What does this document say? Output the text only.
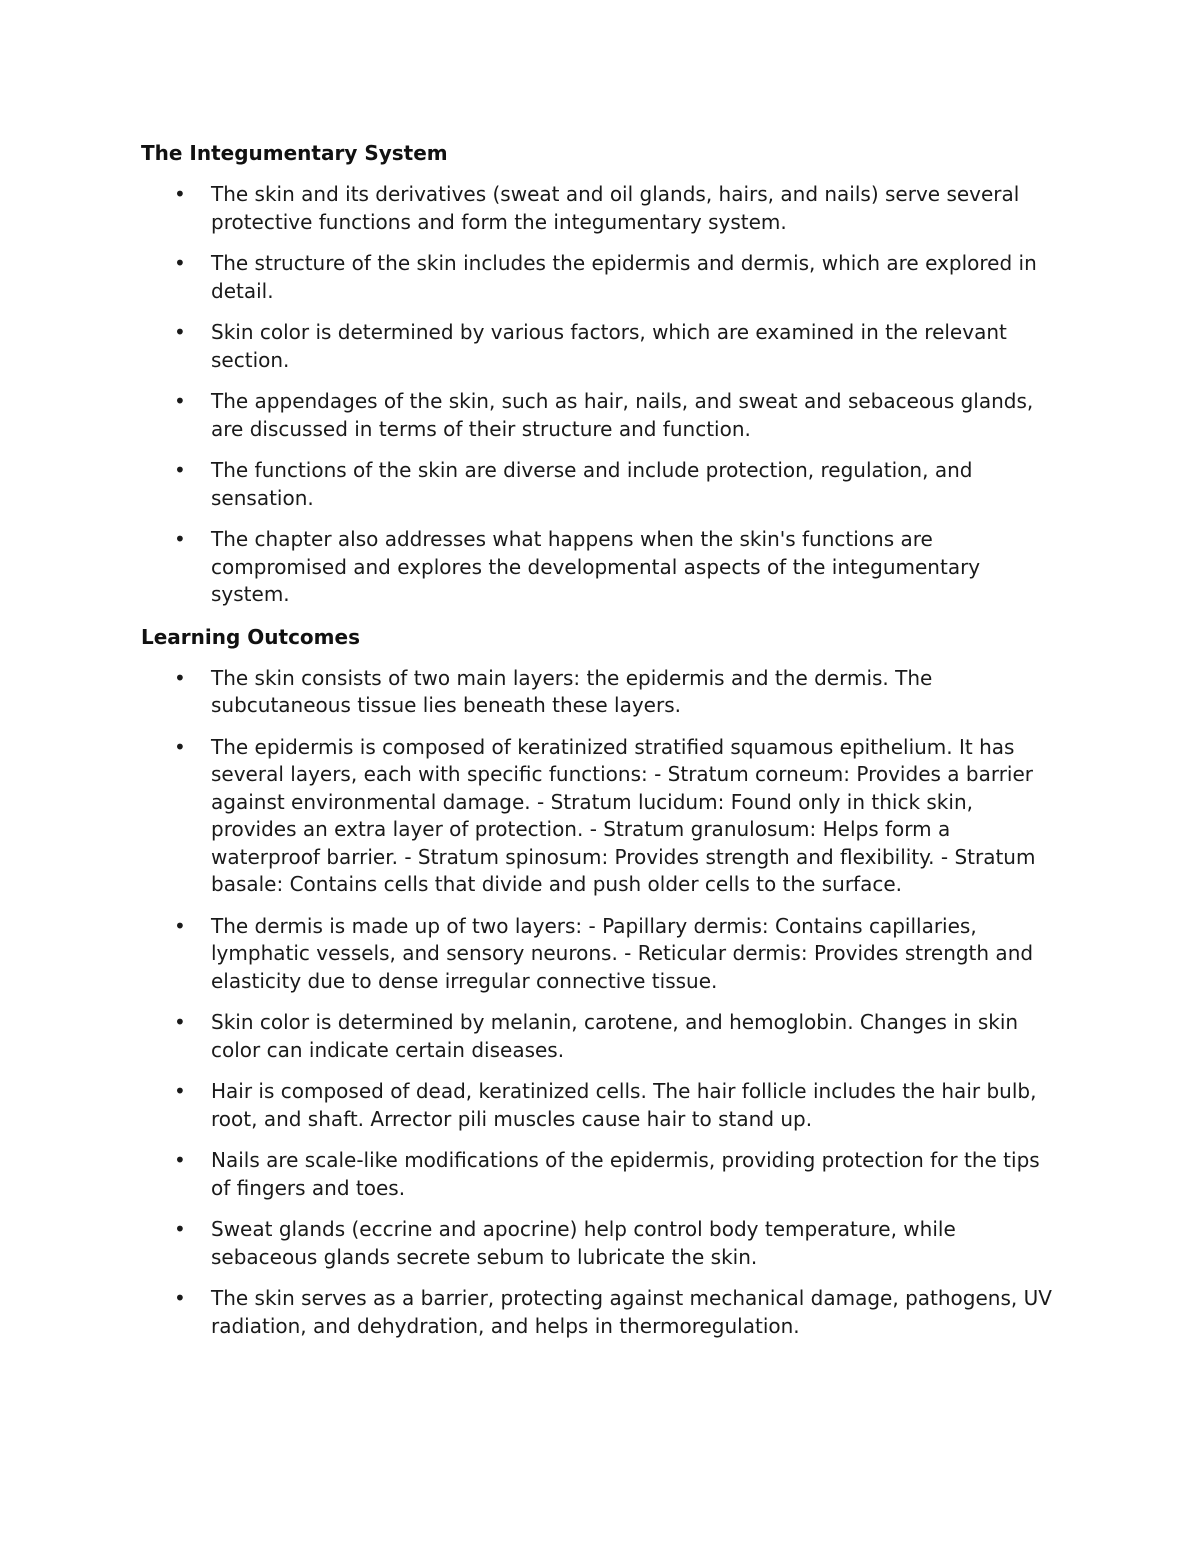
The Integumentary System
• The skin and its derivatives (sweat and oil glands, hairs, and nails) serve several protective functions and form the integumentary system.
• The structure of the skin includes the epidermis and dermis, which are explored in detail.
• Skin color is determined by various factors, which are examined in the relevant section.
• The appendages of the skin, such as hair, nails, and sweat and sebaceous glands, are discussed in terms of their structure and function.
• The functions of the skin are diverse and include protection, regulation, and sensation.
• The chapter also addresses what happens when the skin's functions are compromised and explores the developmental aspects of the integumentary system.
Learning Outcomes
• The skin consists of two main layers: the epidermis and the dermis. The subcutaneous tissue lies beneath these layers.
• The epidermis is composed of keratinized stratified squamous epithelium. It has several layers, each with specific functions: - Stratum corneum: Provides a barrier against environmental damage. - Stratum lucidum: Found only in thick skin, provides an extra layer of protection. - Stratum granulosum: Helps form a waterproof barrier. - Stratum spinosum: Provides strength and flexibility. - Stratum basale: Contains cells that divide and push older cells to the surface.
• The dermis is made up of two layers: - Papillary dermis: Contains capillaries, lymphatic vessels, and sensory neurons. - Reticular dermis: Provides strength and elasticity due to dense irregular connective tissue.
• Skin color is determined by melanin, carotene, and hemoglobin. Changes in skin color can indicate certain diseases.
• Hair is composed of dead, keratinized cells. The hair follicle includes the hair bulb, root, and shaft. Arrector pili muscles cause hair to stand up.
• Nails are scale-like modifications of the epidermis, providing protection for the tips of fingers and toes.
• Sweat glands (eccrine and apocrine) help control body temperature, while sebaceous glands secrete sebum to lubricate the skin.
• The skin serves as a barrier, protecting against mechanical damage, pathogens, UV radiation, and dehydration, and helps in thermoregulation.
